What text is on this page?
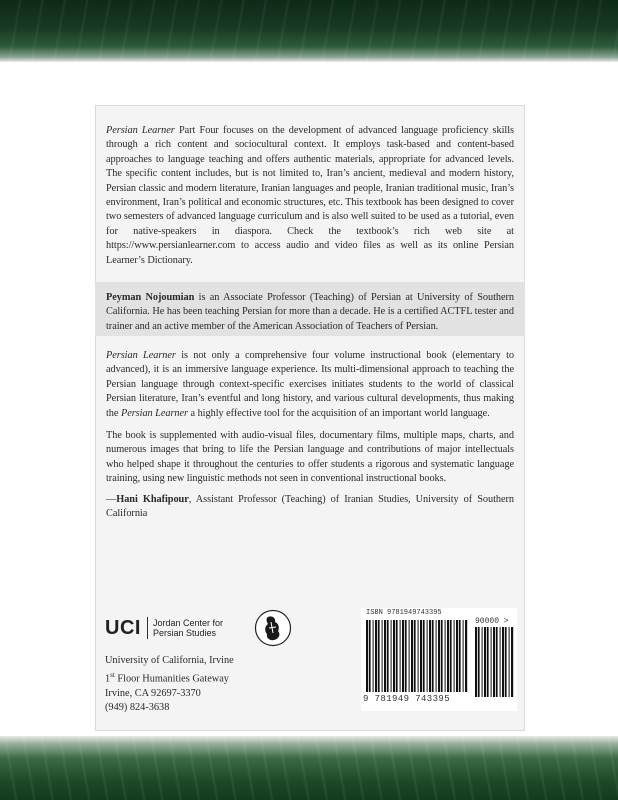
Persian Learner Part Four focuses on the development of advanced language proficiency skills through a rich content and sociocultural context. It employs task-based and content-based approaches to language teaching and offers authentic materials, appropriate for advanced levels. The specific content includes, but is not limited to, Iran’s ancient, medieval and modern history, Persian classic and modern literature, Iranian languages and people, Iranian traditional music, Iran’s environment, Iran’s political and economic structures, etc. This textbook has been designed to cover two semesters of advanced language curriculum and is also well suited to be used as a tutorial, even for native-speakers in diaspora. Check the textbook’s rich web site at https://www.persianlearner.com to access audio and video files as well as its online Persian Learner’s Dictionary.

Peyman Nojoumian is an Associate Professor (Teaching) of Persian at University of Southern California. He has been teaching Persian for more than a decade. He is a certified ACTFL tester and trainer and an active member of the American Association of Teachers of Persian.

Persian Learner is not only a comprehensive four volume instructional book (elementary to advanced), it is an immersive language experience. Its multi-dimensional approach to teaching the Persian language through context-specific exercises initiates students to the world of classical Persian literature, Iran’s eventful and long history, and various cultural developments, thus making the Persian Learner a highly effective tool for the acquisition of an important world language.

The book is supplemented with audio-visual files, documentary films, multiple maps, charts, and numerous images that bring to life the Persian language and contributions of major intellectuals who helped shape it throughout the centuries to offer students a rigorous and systematic language training, using new linguistic methods not seen in conventional instructional books.

—Hani Khafipour, Assistant Professor (Teaching) of Iranian Studies, University of Southern California

UCI Jordan Center for
Persian Studies
University of California, Irvine
1st Floor Humanities Gateway
Irvine, CA 92697-3370
(949) 824-3638
ISBN 9781949743395
90000 >
9 781949 743395
